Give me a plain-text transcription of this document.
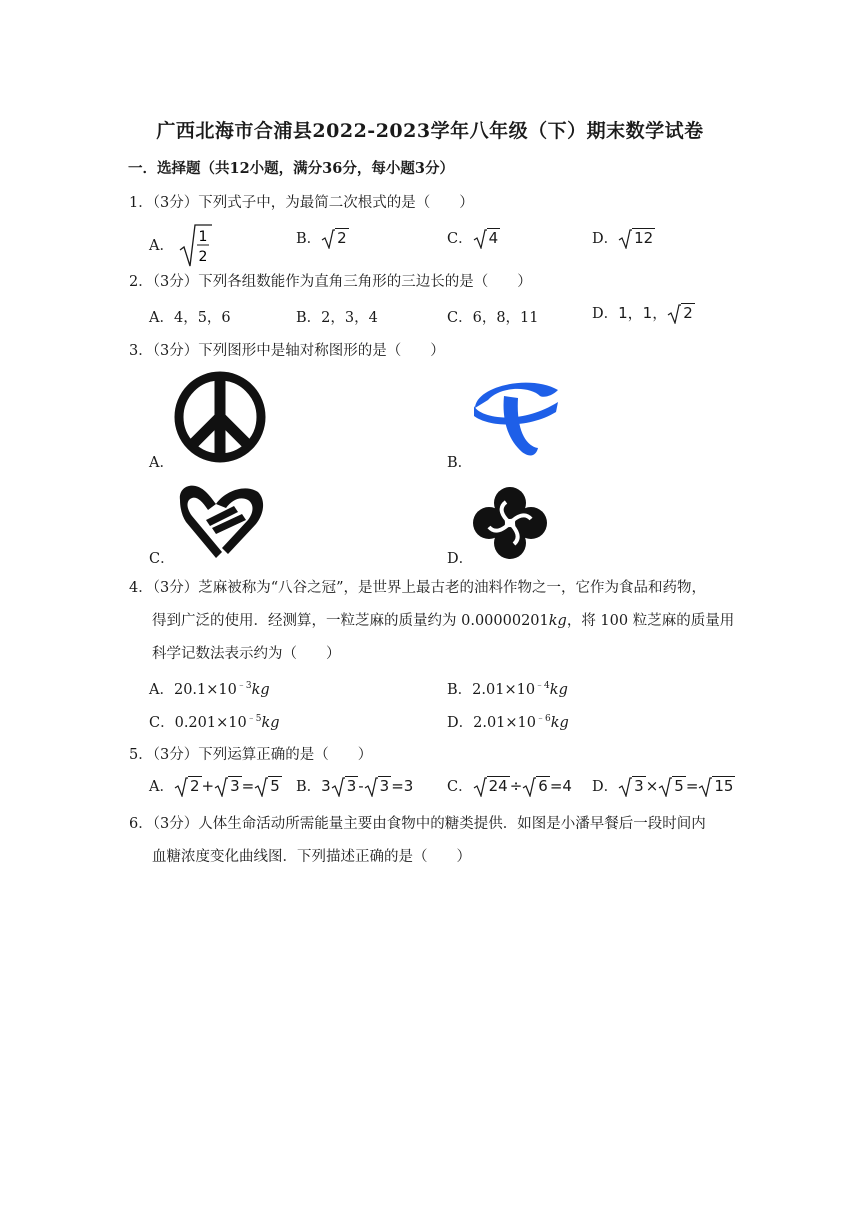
广西北海市合浦县2022-2023学年八年级（下）期末数学试卷
一．选择题（共12小题，满分36分，每小题3分）
1．（3分）下列式子中，为最简二次根式的是（　　）
A．
1
2
B． 2	C． 4	D． 12
2．（3分）下列各组数能作为直角三角形的三边长的是（　　）
A．4，5，6	B．2，3，4	C．6，8，11	D．1，1， 2
3．（3分）下列图形中是轴对称图形的是（　　）
A．	B．
C．	D．
4．（3分）芝麻被称为“八谷之冠”，是世界上最古老的油料作物之一，它作为食品和药物，
得到广泛的使用．经测算，一粒芝麻的质量约为 0.00000201kg，将 100 粒芝麻的质量用
科学记数法表示约为（　　）
A．$20.1\times 10^{﹣3}kg$	B．$2.01\times 10^{﹣4}kg$
C．$0.201\times 10^{﹣5}kg$	D．$2.01\times 10^{﹣6}kg$
5．（3分）下列运算正确的是（　　）
A． 2 + 3 = 5 B．3 3 - 3 =3 C． 24 ÷ 6 =4 D． 3 × 5 = 15
6．（3分）人体生命活动所需能量主要由食物中的糖类提供．如图是小潘早餐后一段时间内
血糖浓度变化曲线图．下列描述正确的是（　　）
